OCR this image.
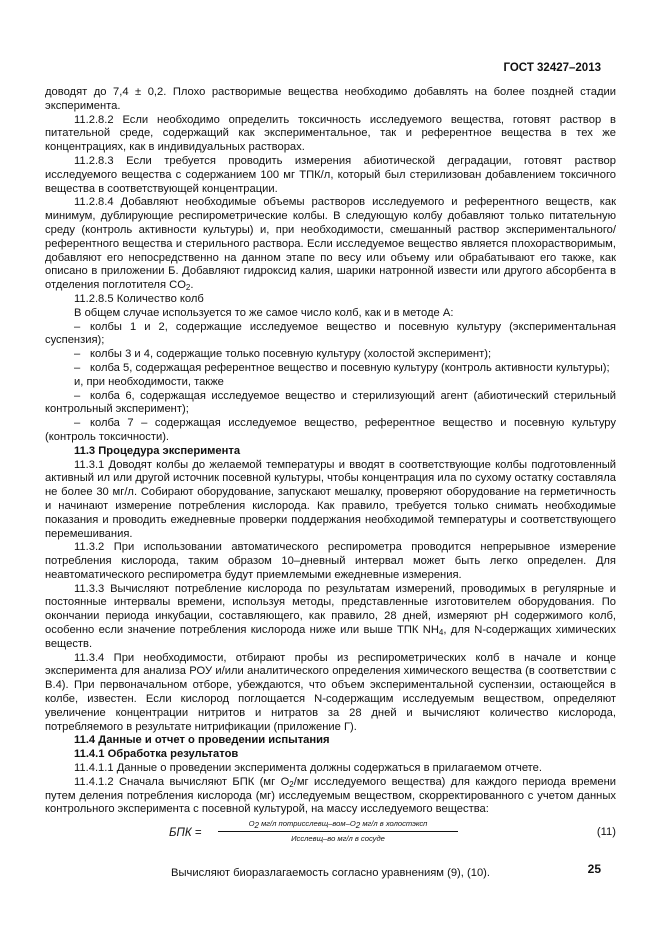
ГОСТ 32427–2013

доводят до 7,4 ± 0,2. Плохо растворимые вещества необходимо добавлять на более поздней стадии эксперимента.

11.2.8.2 Если необходимо определить токсичность исследуемого вещества, готовят раствор в питательной среде, содержащий как экспериментальное, так и референтное вещества в тех же концентрациях, как в индивидуальных растворах.

11.2.8.3 Если требуется проводить измерения абиотической деградации, готовят раствор исследуемого вещества с содержанием 100 мг ТПК/л, который был стерилизован добавлением токсичного вещества в соответствующей концентрации.

11.2.8.4 Добавляют необходимые объемы растворов исследуемого и референтного веществ, как минимум, дублирующие респирометрические колбы. В следующую колбу добавляют только питательную среду (контроль активности культуры) и, при необходимости, смешанный раствор экспериментального/референтного вещества и стерильного раствора. Если исследуемое вещество является плохорастворимым, добавляют его непосредственно на данном этапе по весу или объему или обрабатывают его также, как описано в приложении Б. Добавляют гидроксид калия, шарики натронной извести или другого абсорбента в отделения поглотителя $CO_2$.

11.2.8.5 Количество колб

В общем случае используется то же самое число колб, как и в методе А:

– колбы 1 и 2, содержащие исследуемое вещество и посевную культуру (экспериментальная суспензия);

– колбы 3 и 4, содержащие только посевную культуру (холостой эксперимент);

– колба 5, содержащая референтное вещество и посевную культуру (контроль активности культуры);

и, при необходимости, также

– колба 6, содержащая исследуемое вещество и стерилизующий агент (абиотический стерильный контрольный эксперимент);

– колба 7 – содержащая исследуемое вещество, референтное вещество и посевную культуру (контроль токсичности).

11.3 Процедура эксперимента

11.3.1 Доводят колбы до желаемой температуры и вводят в соответствующие колбы подготовленный активный ил или другой источник посевной культуры, чтобы концентрация ила по сухому остатку составляла не более 30 мг/л. Собирают оборудование, запускают мешалку, проверяют оборудование на герметичность и начинают измерение потребления кислорода. Как правило, требуется только снимать необходимые показания и проводить ежедневные проверки поддержания необходимой температуры и соответствующего перемешивания.

11.3.2 При использовании автоматического респирометра проводится непрерывное измерение потребления кислорода, таким образом 10–дневный интервал может быть легко определен. Для неавтоматического респирометра будут приемлемыми ежедневные измерения.

11.3.3 Вычисляют потребление кислорода по результатам измерений, проводимых в регулярные и постоянные интервалы времени, используя методы, представленные изготовителем оборудования. По окончании периода инкубации, составляющего, как правило, 28 дней, измеряют pH содержимого колб, особенно если значение потребления кислорода ниже или выше ТПК $NH_4$, для N-содержащих химических веществ.

11.3.4 При необходимости, отбирают пробы из респирометрических колб в начале и конце эксперимента для анализа РОУ и/или аналитического определения химического вещества (в соответствии с В.4). При первоначальном отборе, убеждаются, что объем экспериментальной суспензии, остающейся в колбе, известен. Если кислород поглощается N-содержащим исследуемым веществом, определяют увеличение концентрации нитритов и нитратов за 28 дней и вычисляют количество кислорода, потребляемого в результате нитрификации (приложение Г).

11.4 Данные и отчет о проведении испытания

11.4.1 Обработка результатов

11.4.1.1 Данные о проведении эксперимента должны содержаться в прилагаемом отчете.

11.4.1.2 Сначала вычисляют БПК (мг $O_2/мг$ исследуемого вещества) для каждого периода времени путем деления потребления кислорода (мг) исследуемым веществом, скорректированного с учетом данных контрольного эксперимента с посевной культурой, на массу исследуемого вещества:

БПК =
$O_2$ мг/л потрисслевщ–$вом-O_2$ мг/л в холостэксп
Исслевщ–во мг/л в сосуде
(11)

Вычисляют биоразлагаемость согласно уравнениям (9), (10).	25
